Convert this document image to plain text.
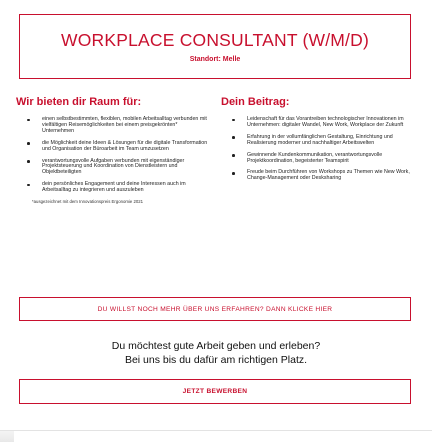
WORKPLACE CONSULTANT (W/M/D)
Standort: Melle
Wir bieten dir Raum für:
einen selbstbestimmten, flexiblen, mobilen Arbeitsalltag verbunden mit vielfältigen Reisemöglichkeiten bei einem preisgekrönten* Unternehmen
die Möglichkeit deine Ideen & Lösungen für die digitale Transformation und Organisation der Büroarbeit im Team umzusetzen
verantwortungsvolle Aufgaben verbunden mit eigenständiger Projektsteuerung und Koordination von Dienstleistern und Objektbeteiligten
dein persönliches Engagement und deine Interessen auch im Arbeitsalltag zu integrieren und auszuleben
*ausgezeichnet mit dem Innovationspreis Ergonomie 2021
Dein Beitrag:
Leidenschaft für das Vorantreiben technologischer Innovationen im Unternehmen: digitaler Wandel, New Work, Workplace der Zukunft
Erfahrung in der vollumfänglichen Gestaltung, Einrichtung und Realisierung moderner und nachhaltiger Arbeitswelten
Gewinnende Kundenkommunikation, verantwortungsvolle Projektkoordination, begeisterter Teamspirit
Freude beim Durchführen von Workshops zu Themen wie New Work, Change-Management oder Desksharing
DU WILLST NOCH MEHR ÜBER UNS ERFAHREN? DANN KLICKE HIER
Du möchtest gute Arbeit geben und erleben?
Bei uns bis du dafür am richtigen Platz.
JETZT BEWERBEN
